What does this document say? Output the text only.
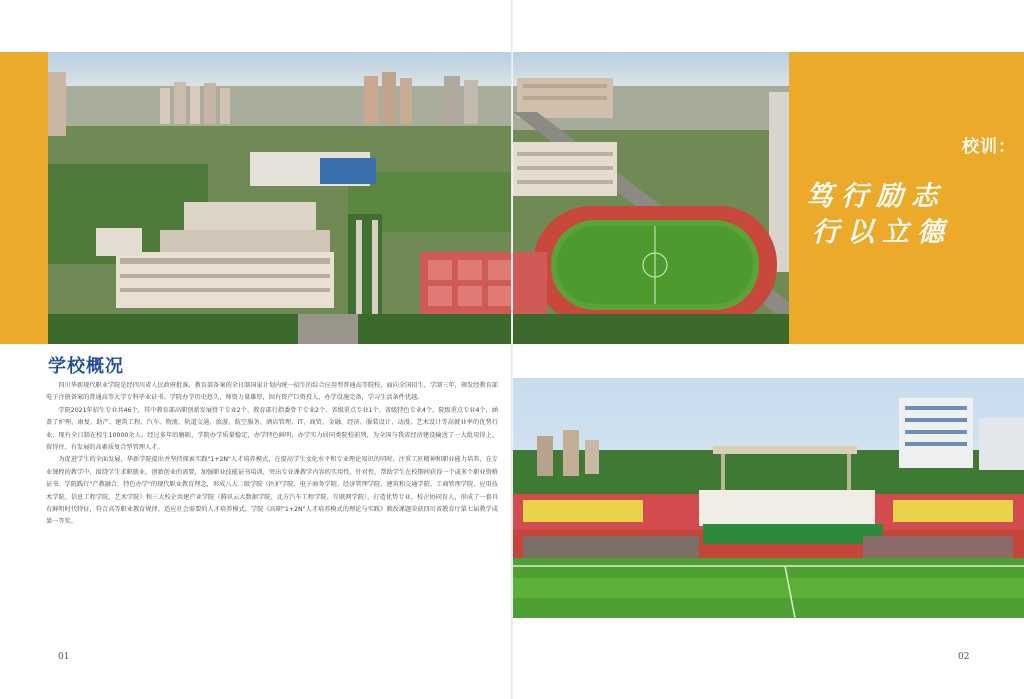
校训：
笃行励志
行以立德
学校概况

四川华新现代职业学院是经四川省人民政府批准，教育部备案的全日制国家计划内统一招生的综合应用型普通高等院校，面向全国招生，学制三年，颁发经教育部电子注册备案的普通高等大学专科毕业证书。学院办学历史悠久，师资力量雄厚，固有资产巨资投入，办学设施完备，学习生活条件优越。

学院2021年招生专业共46个，其中教育部高职创新发展骨干专业2个、教育部行指委骨干专业2个、省级重点专业1个、省级特色专业4个、院级重点专业4个，涵盖了护理、康复、助产、建筑工程、汽车、物流、轨道交通、旅游、航空服务、酒店管理、IT、商贸、金融、经济、服装设计、动漫、艺术设计等高就业率的优势行业，现有全日制在校生10000余人。经过多年的磨砺，学院办学质量稳定，办学特色鲜明，办学实力居同类院校前列，为全国与我省经济建设输送了一大批用得上、留得住、有发展的高素质复合型管理人才。

为促进学生的全面发展，华新学院提出并坚持探索实践"1+2N"人才培养模式，在提高学生文化水平和专业理论知识的同时，注重工匠精神和职业能力培养，在专业课程的教学中，围绕学生求职就业，创新创业的需要，加强职业技能证书培训，突出专业课教学内容的实用性、针对性，帮助学生在校期间获得一个或多个职业资格证书。学院践行"产教融合，特色办学"的现代职业教育理念，形成八大二级学院（医护学院、电子商务学院、经济管理学院、建筑和交通学院、工商管理学院、应用技术学院、信息工程学院、艺术学院）和三大校企共建产业学院（腾讯云大数据学院、北方汽车工程学院、互联网学院），打造优势专业，校企协同育人，形成了一套具有鲜明时代特征，符合高等职业教育规律，适应社会需要的人才培养模式。学院《高职"1+2N"人才培养模式的理论与实践》教改课题荣获四川省教育厅第七届教学成果一等奖。

01	02
